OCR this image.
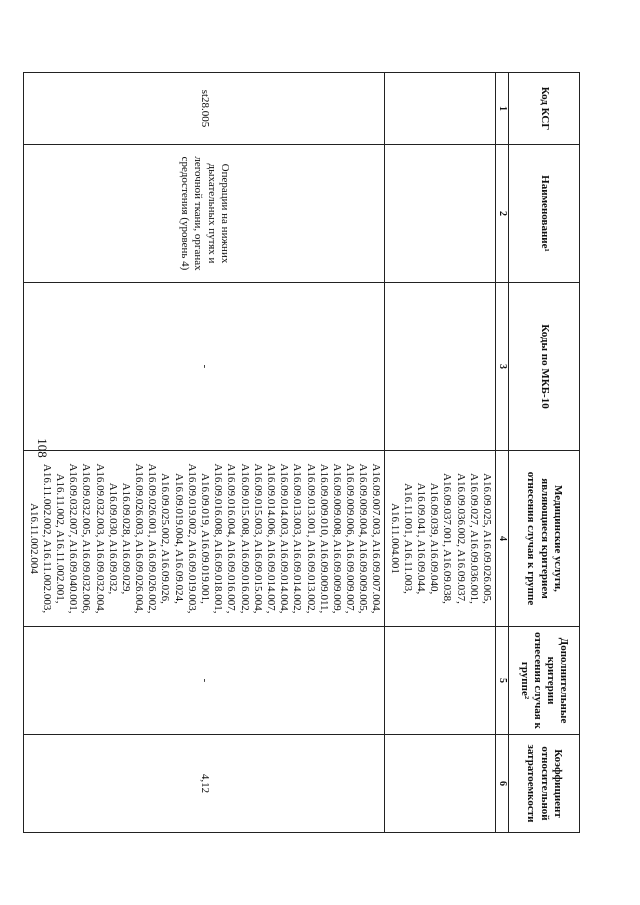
108
Код КСГ	Наименование¹	Коды по МКБ-10	Медицинские услуги, являющиеся критерием отнесения случая к группе	Дополнительные критерии отнесения случая к группе²	Коэффициент относительной затратоемкости
1	2	3	4	5	6
			A16.09.025, A16.09.026.005, A16.09.027, A16.09.036.001, A16.09.036.002, A16.09.037, A16.09.037.001, A16.09.038, A16.09.039, A16.09.040, A16.09.041, A16.09.044, A16.11.001, A16.11.003, A16.11.004.001		
st28.005	Операции на нижних дыхательных путях и легочной ткани, органах средостения (уровень 4)	-	A16.09.007.003, A16.09.007.004, A16.09.009.004, A16.09.009.005, A16.09.009.006, A16.09.009.007, A16.09.009.008, A16.09.009.009, A16.09.009.010, A16.09.009.011, A16.09.013.001, A16.09.013.002, A16.09.013.003, A16.09.014.002, A16.09.014.003, A16.09.014.004, A16.09.014.006, A16.09.014.007, A16.09.015.003, A16.09.015.004, A16.09.015.008, A16.09.016.002, A16.09.016.004, A16.09.016.007, A16.09.016.008, A16.09.018.001, A16.09.019, A16.09.019.001, A16.09.019.002, A16.09.019.003, A16.09.019.004, A16.09.024, A16.09.025.002, A16.09.026, A16.09.026.001, A16.09.026.002, A16.09.026.003, A16.09.026.004, A16.09.028, A16.09.029, A16.09.030, A16.09.032, A16.09.032.003, A16.09.032.004, A16.09.032.005, A16.09.032.006, A16.09.032.007, A16.09.040.001, A16.11.002, A16.11.002.001, A16.11.002.002, A16.11.002.003, A16.11.002.004	-	4,12
